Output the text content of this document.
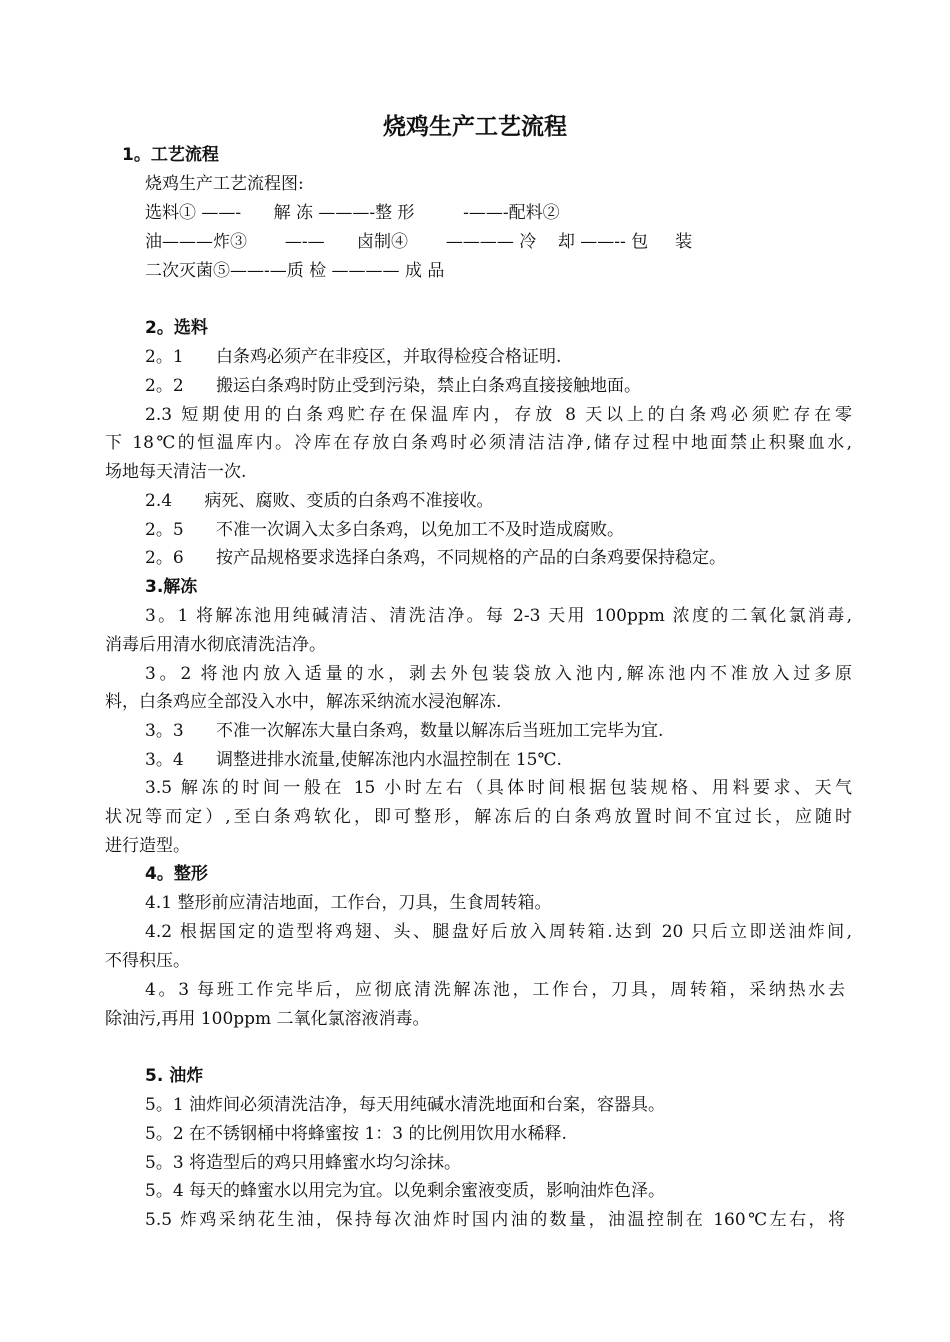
烧鸡生产工艺流程
1。工艺流程
烧鸡生产工艺流程图:
选料① ——-      解 冻 ———-整 形         -——-配料②
油———炸③       —-—      卤制④       ———— 冷    却 ——-- 包     装
二次灭菌⑤——-—质 检 ———— 成 品
2。选料
2。1      白条鸡必须产在非疫区，并取得检疫合格证明.
2。2      搬运白条鸡时防止受到污染，禁止白条鸡直接接触地面。
2.3 短期使用的白条鸡贮存在保温库内，存放 8 天以上的白条鸡必须贮存在零
下 18℃的恒温库内。冷库在存放白条鸡时必须清洁洁净,储存过程中地面禁止积聚血水,
场地每天清洁一次.
2.4      病死、腐败、变质的白条鸡不准接收。
2。5      不准一次调入太多白条鸡，以免加工不及时造成腐败。
2。6      按产品规格要求选择白条鸡，不同规格的产品的白条鸡要保持稳定。
3.解冻
3。1 将解冻池用纯碱清洁、清洗洁净。每 2-3 天用 100ppm 浓度的二氧化氯消毒,
消毒后用清水彻底清洗洁净。
3。2 将池内放入适量的水，剥去外包装袋放入池内,解冻池内不准放入过多原
料，白条鸡应全部没入水中，解冻采纳流水浸泡解冻.
3。3      不准一次解冻大量白条鸡，数量以解冻后当班加工完毕为宜.
3。4      调整进排水流量,使解冻池内水温控制在 15℃.
3.5 解冻的时间一般在 15 小时左右（具体时间根据包装规格、用料要求、天气
状况等而定）,至白条鸡软化，即可整形，解冻后的白条鸡放置时间不宜过长，应随时
进行造型。
4。整形
4.1 整形前应清洁地面，工作台，刀具，生食周转箱。
4.2 根据国定的造型将鸡翅、头、腿盘好后放入周转箱.达到 20 只后立即送油炸间,
不得积压。
4。3 每班工作完毕后，应彻底清洗解冻池，工作台，刀具，周转箱，采纳热水去
除油污,再用 100ppm 二氧化氯溶液消毒。
5. 油炸
5。1 油炸间必须清洗洁净，每天用纯碱水清洗地面和台案，容器具。
5。2 在不锈钢桶中将蜂蜜按 1：3 的比例用饮用水稀释.
5。3 将造型后的鸡只用蜂蜜水均匀涂抹。
5。4 每天的蜂蜜水以用完为宜。以免剩余蜜液变质，影响油炸色泽。
5.5 炸鸡采纳花生油，保持每次油炸时国内油的数量，油温控制在 160℃左右，将
